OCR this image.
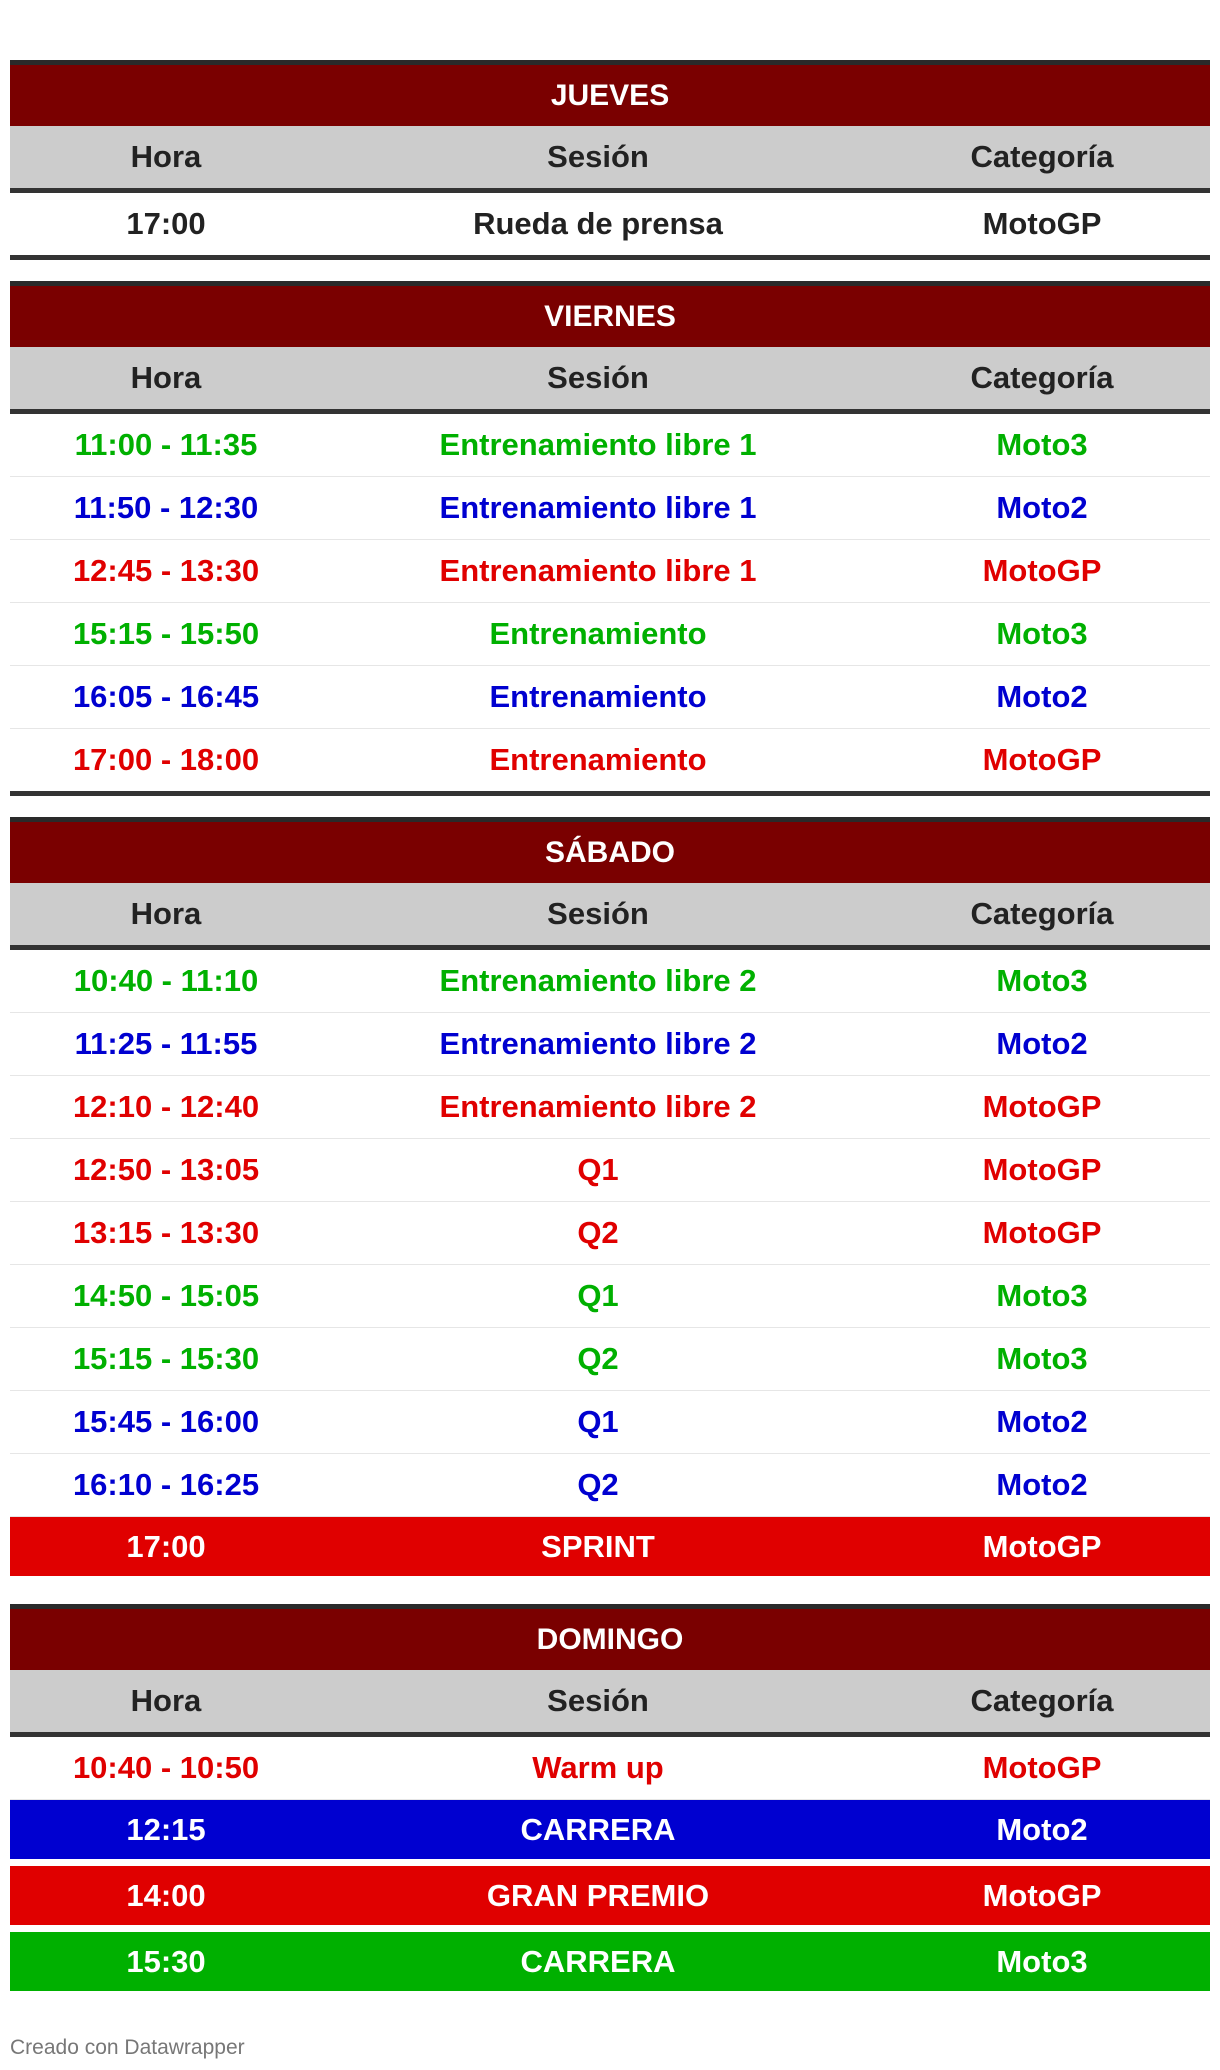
JUEVES		
Hora	Sesión	Categoría
17:00	Rueda de prensa	MotoGP
VIERNES		
Hora	Sesión	Categoría
11:00 - 11:35	Entrenamiento libre 1	Moto3
11:50 - 12:30	Entrenamiento libre 1	Moto2
12:45 - 13:30	Entrenamiento libre 1	MotoGP
15:15 - 15:50	Entrenamiento	Moto3
16:05 - 16:45	Entrenamiento	Moto2
17:00 - 18:00	Entrenamiento	MotoGP
SÁBADO		
Hora	Sesión	Categoría
10:40 - 11:10	Entrenamiento libre 2	Moto3
11:25 - 11:55	Entrenamiento libre 2	Moto2
12:10 - 12:40	Entrenamiento libre 2	MotoGP
12:50 - 13:05	Q1	MotoGP
13:15 - 13:30	Q2	MotoGP
14:50 - 15:05	Q1	Moto3
15:15 - 15:30	Q2	Moto3
15:45 - 16:00	Q1	Moto2
16:10 - 16:25	Q2	Moto2
17:00	SPRINT	MotoGP
DOMINGO		
Hora	Sesión	Categoría
10:40 - 10:50	Warm up	MotoGP
12:15	CARRERA	Moto2
14:00	GRAN PREMIO	MotoGP
15:30	CARRERA	Moto3
Creado con Datawrapper
